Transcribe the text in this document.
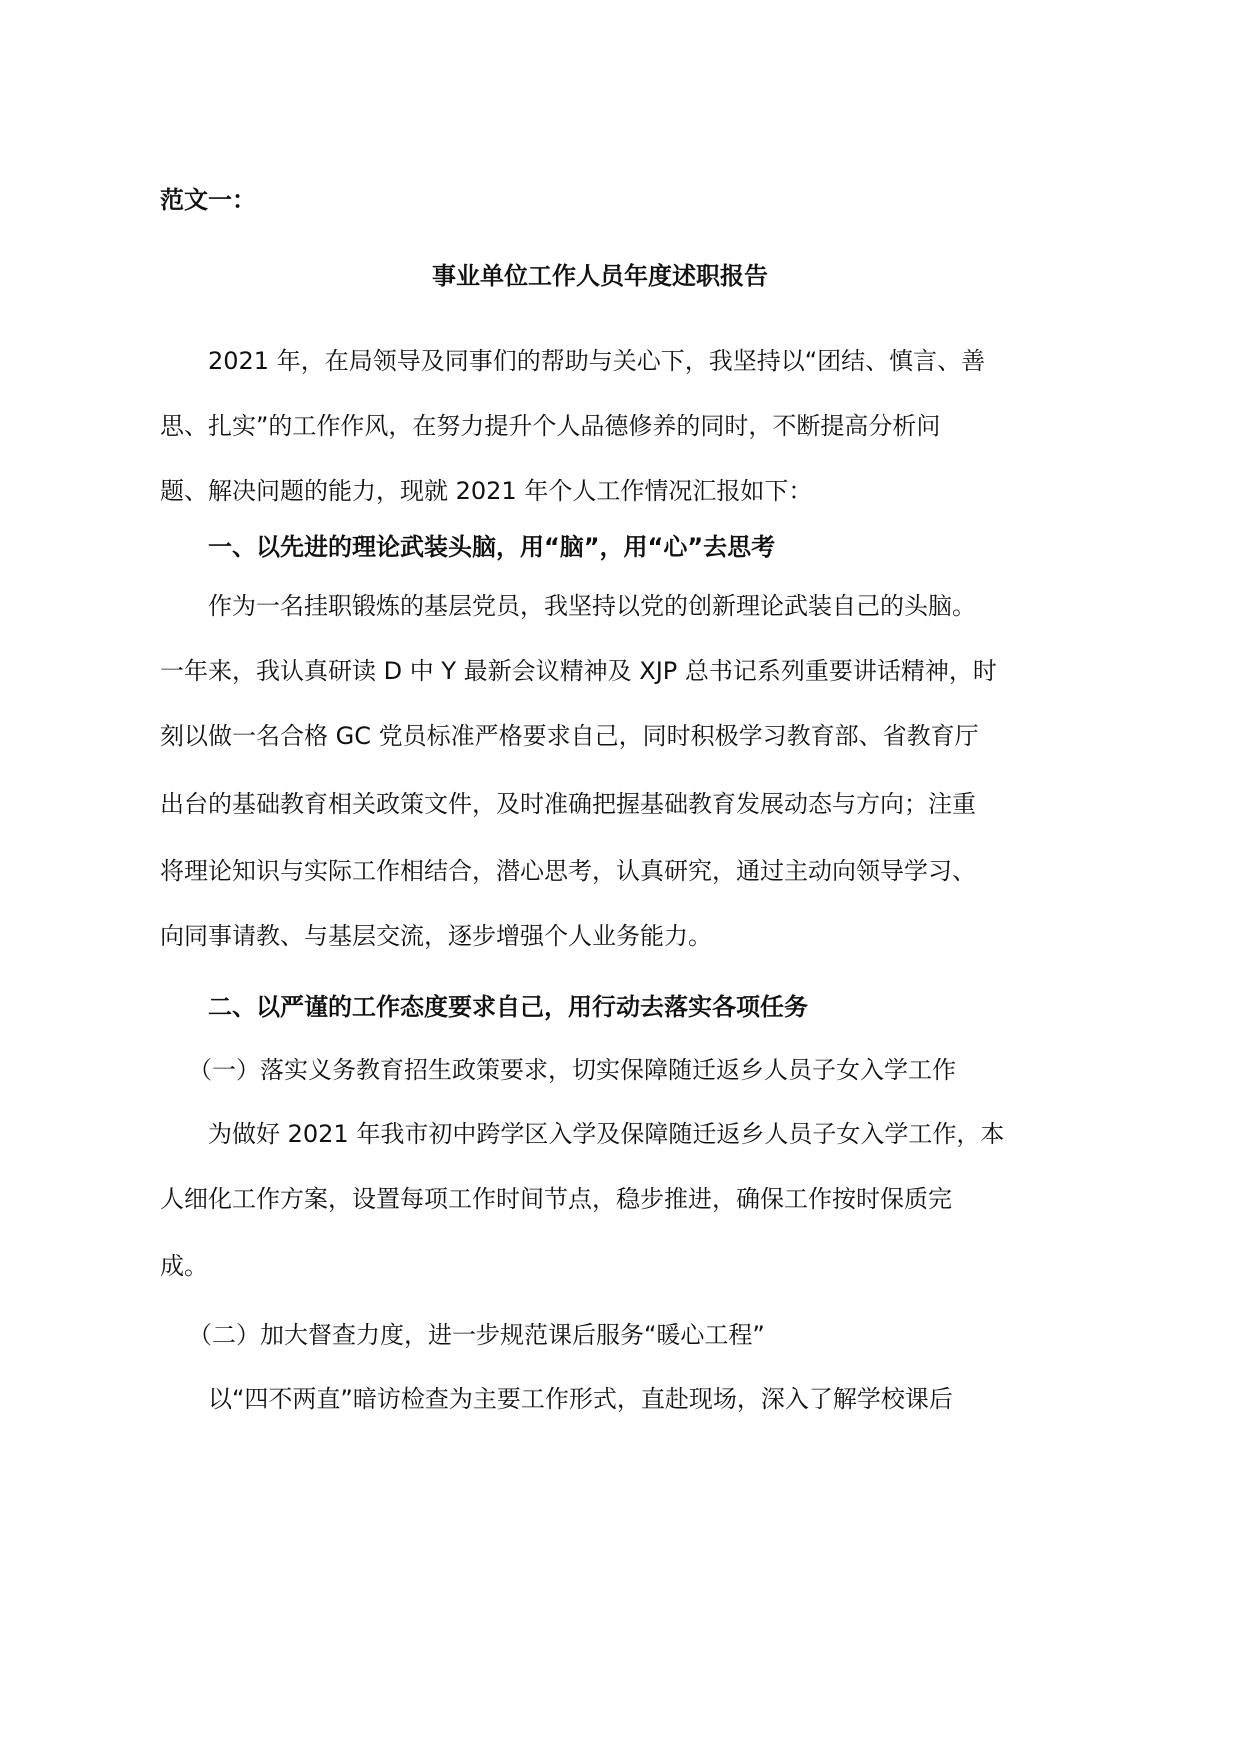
范文一：
事业单位工作人员年度述职报告
2021 年，在局领导及同事们的帮助与关心下，我坚持以“团结、慎言、善
思、扎实”的工作作风，在努力提升个人品德修养的同时，不断提高分析问
题、解决问题的能力，现就 2021 年个人工作情况汇报如下：
一、以先进的理论武装头脑，用“脑”，用“心”去思考
作为一名挂职锻炼的基层党员，我坚持以党的创新理论武装自己的头脑。
一年来，我认真研读 D 中 Y 最新会议精神及 XJP 总书记系列重要讲话精神，时
刻以做一名合格 GC 党员标准严格要求自己，同时积极学习教育部、省教育厅
出台的基础教育相关政策文件，及时准确把握基础教育发展动态与方向；注重
将理论知识与实际工作相结合，潜心思考，认真研究，通过主动向领导学习、
向同事请教、与基层交流，逐步增强个人业务能力。
二、以严谨的工作态度要求自己，用行动去落实各项任务
（一）落实义务教育招生政策要求，切实保障随迁返乡人员子女入学工作
为做好 2021 年我市初中跨学区入学及保障随迁返乡人员子女入学工作，本
人细化工作方案，设置每项工作时间节点，稳步推进，确保工作按时保质完
成。
（二）加大督查力度，进一步规范课后服务“暖心工程”
以“四不两直”暗访检查为主要工作形式，直赴现场，深入了解学校课后
